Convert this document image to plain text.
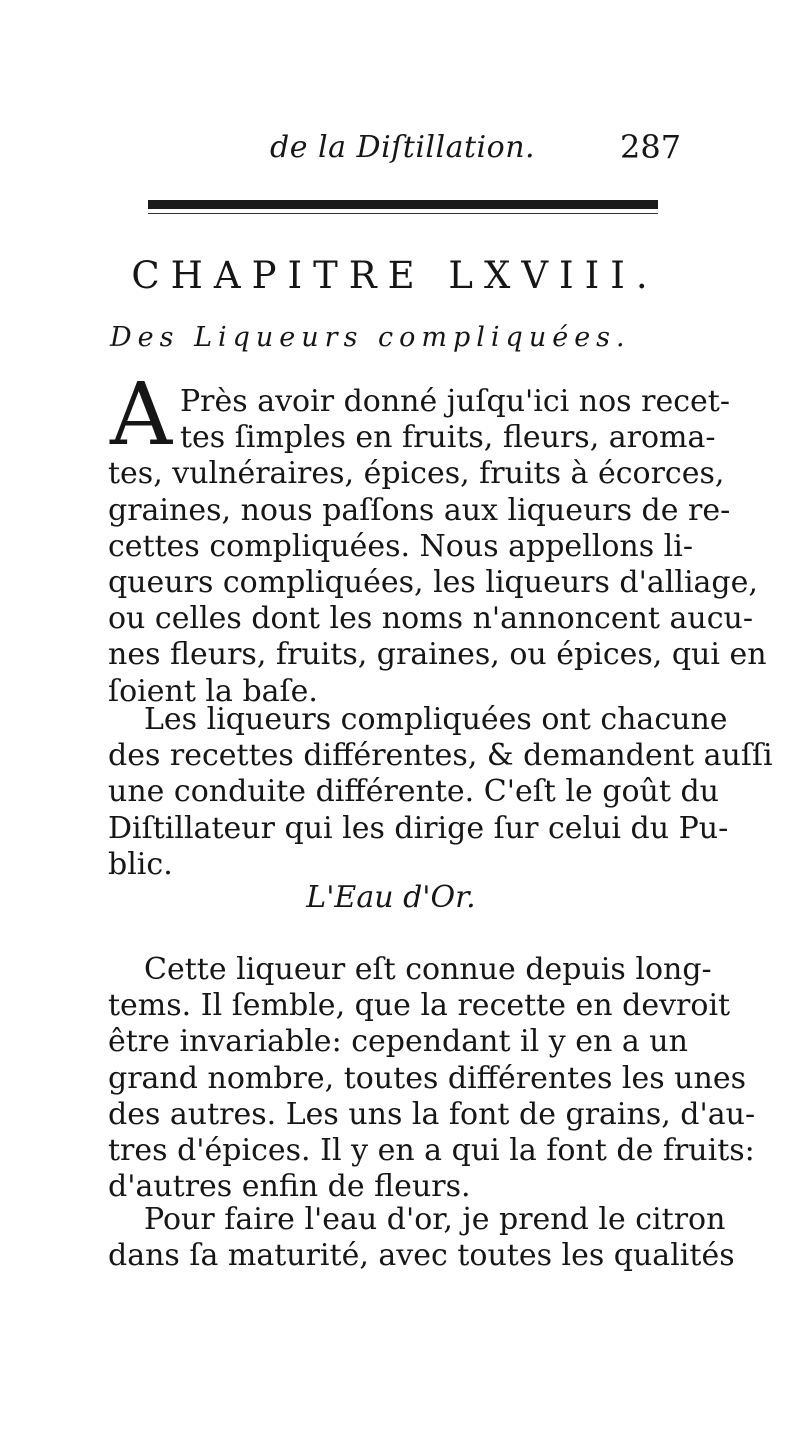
de la Diſtillation.	287
CHAPITRE LXVIII.
Des Liqueurs compliquées.
A Près avoir donné juſqu'ici nos recet-
tes ſimples en fruits, fleurs, aroma-
tes, vulnéraires, épices, fruits à écorces,
graines, nous paſſons aux liqueurs de re-
cettes compliquées. Nous appellons li-
queurs compliquées, les liqueurs d'alliage,
ou celles dont les noms n'annoncent aucu-
nes fleurs, fruits, graines, ou épices, qui en
ſoient la baſe.
Les liqueurs compliquées ont chacune
des recettes différentes, & demandent auſſi
une conduite différente. C'eſt le goût du
Diſtillateur qui les dirige ſur celui du Pu-
blic.
L'Eau d'Or.
Cette liqueur eſt connue depuis long-
tems. Il ſemble, que la recette en devroit
être invariable: cependant il y en a un
grand nombre, toutes différentes les unes
des autres. Les uns la font de grains, d'au-
tres d'épices. Il y en a qui la font de fruits:
d'autres enfin de fleurs.
Pour faire l'eau d'or, je prend le citron
dans ſa maturité, avec toutes les qualités
